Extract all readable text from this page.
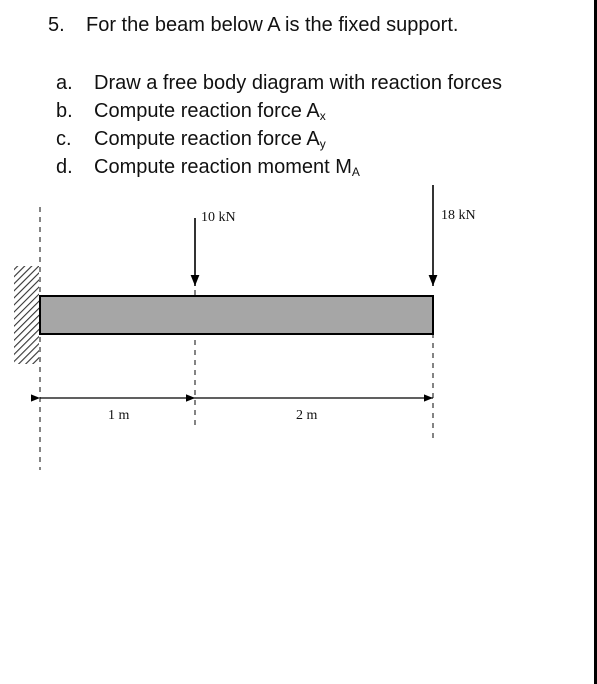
5. For the beam below A is the fixed support.
a. Draw a free body diagram with reaction forces
b. Compute reaction force $A_x$
c. Compute reaction force $A_y$
d. Compute reaction moment $M_A$
10 kN	18 kN
1 m	2 m
